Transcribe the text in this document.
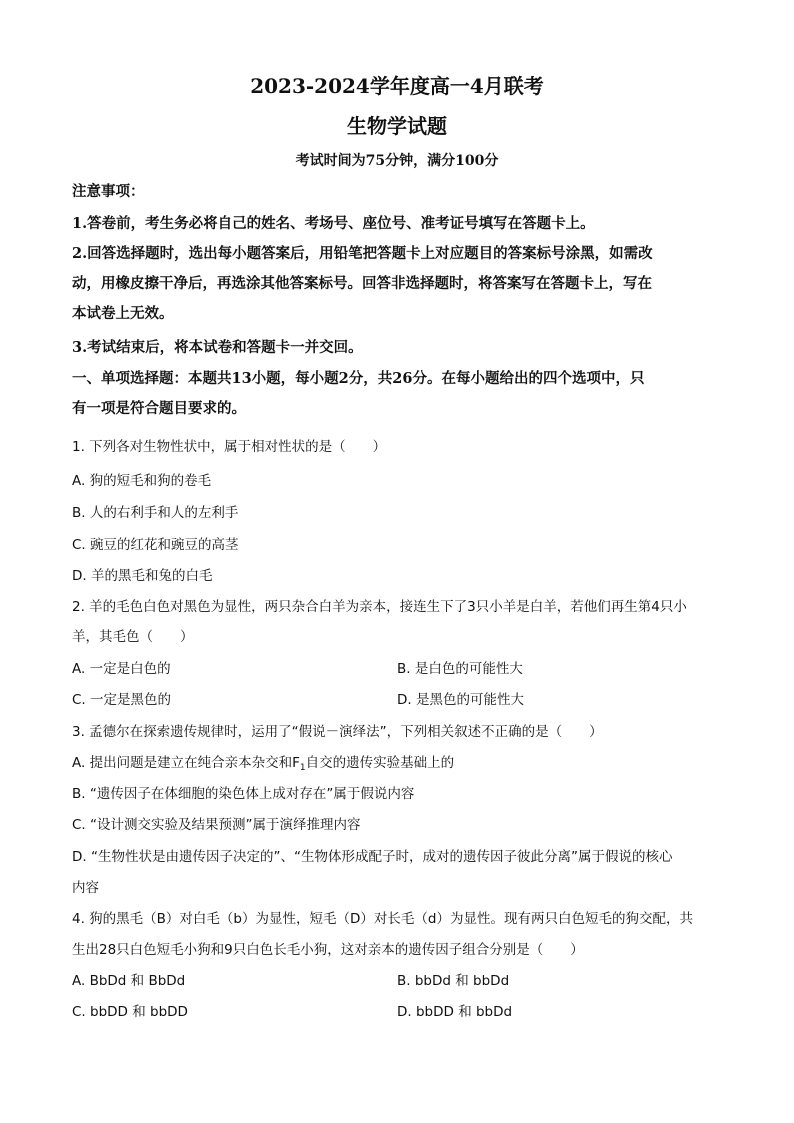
2023-2024学年度高一4月联考
生物学试题
考试时间为75分钟，满分100分
注意事项：
1.答卷前，考生务必将自己的姓名、考场号、座位号、准考证号填写在答题卡上。
2.回答选择题时，选出每小题答案后，用铅笔把答题卡上对应题目的答案标号涂黑，如需改
动，用橡皮擦干净后，再选涂其他答案标号。回答非选择题时，将答案写在答题卡上，写在
本试卷上无效。
3.考试结束后，将本试卷和答题卡一并交回。
一、单项选择题：本题共13小题，每小题2分，共26分。在每小题给出的四个选项中，只
有一项是符合题目要求的。
1. 下列各对生物性状中，属于相对性状的是（　　）
A. 狗的短毛和狗的卷毛
B. 人的右利手和人的左利手
C. 豌豆的红花和豌豆的高茎
D. 羊的黑毛和兔的白毛
2. 羊的毛色白色对黑色为显性，两只杂合白羊为亲本，接连生下了3只小羊是白羊，若他们再生第4只小
羊，其毛色（　　）
A. 一定是白色的	B. 是白色的可能性大
C. 一定是黑色的	D. 是黑色的可能性大
3. 孟德尔在探索遗传规律时，运用了“假说－演绎法”，下列相关叙述不正确的是（　　）
A. 提出问题是建立在纯合亲本杂交和$F_1$自交的遗传实验基础上的
B. “遗传因子在体细胞的染色体上成对存在”属于假说内容
C. “设计测交实验及结果预测”属于演绎推理内容
D. “生物性状是由遗传因子决定的”、“生物体形成配子时，成对的遗传因子彼此分离”属于假说的核心
内容
4. 狗的黑毛（B）对白毛（b）为显性，短毛（D）对长毛（d）为显性。现有两只白色短毛的狗交配，共
生出28只白色短毛小狗和9只白色长毛小狗，这对亲本的遗传因子组合分别是（　　）
A. BbDd 和 BbDd	B. bbDd 和 bbDd
C. bbDD 和 bbDD	D. bbDD 和 bbDd
